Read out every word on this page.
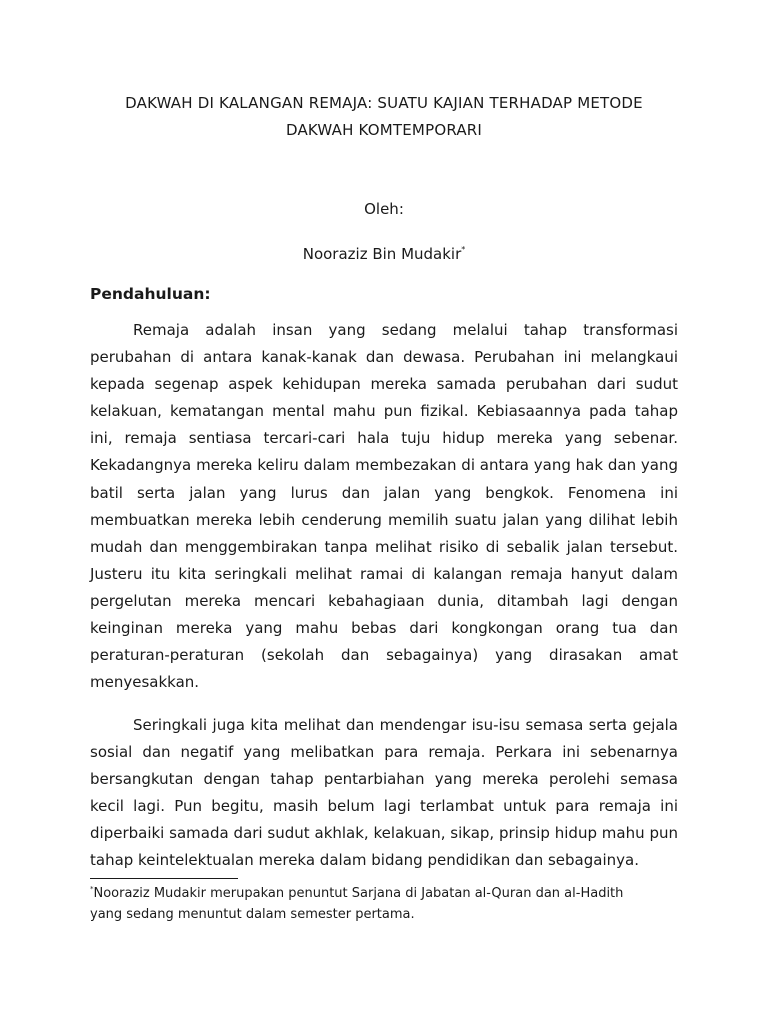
DAKWAH DI KALANGAN REMAJA: SUATU KAJIAN TERHADAP METODE
DAKWAH KOMTEMPORARI
Oleh:
Nooraziz Bin Mudakir*
Pendahuluan:

Remaja adalah insan yang sedang melalui tahap transformasi perubahan di antara kanak-kanak dan dewasa. Perubahan ini melangkaui kepada segenap aspek kehidupan mereka samada perubahan dari sudut kelakuan, kematangan mental mahu pun fizikal. Kebiasaannya pada tahap ini, remaja sentiasa tercari-cari hala tuju hidup mereka yang sebenar. Kekadangnya mereka keliru dalam membezakan di antara yang hak dan yang batil serta jalan yang lurus dan jalan yang bengkok. Fenomena ini membuatkan mereka lebih cenderung memilih suatu jalan yang dilihat lebih mudah dan menggembirakan tanpa melihat risiko di sebalik jalan tersebut. Justeru itu kita seringkali melihat ramai di kalangan remaja hanyut dalam pergelutan mereka mencari kebahagiaan dunia, ditambah lagi dengan keinginan mereka yang mahu bebas dari kongkongan orang tua dan peraturan-peraturan (sekolah dan sebagainya) yang dirasakan amat menyesakkan.

Seringkali juga kita melihat dan mendengar isu-isu semasa serta gejala sosial dan negatif yang melibatkan para remaja. Perkara ini sebenarnya bersangkutan dengan tahap pentarbiahan yang mereka perolehi semasa kecil lagi. Pun begitu, masih belum lagi terlambat untuk para remaja ini diperbaiki samada dari sudut akhlak, kelakuan, sikap, prinsip hidup mahu pun tahap keintelektualan mereka dalam bidang pendidikan dan sebagainya.

*Nooraziz Mudakir merupakan penuntut Sarjana di Jabatan al-Quran dan al-Hadith
yang sedang menuntut dalam semester pertama.
